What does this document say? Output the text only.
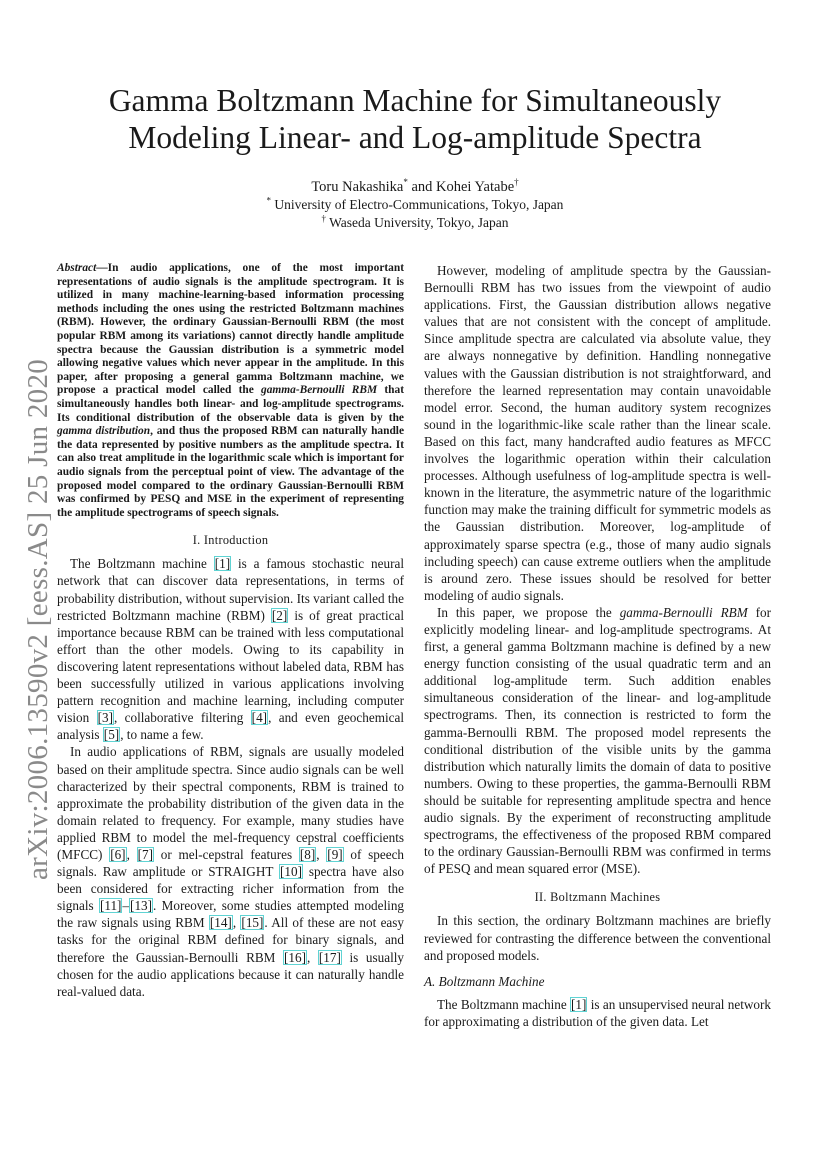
arXiv:2006.13590v2 [eess.AS] 25 Jun 2020
Gamma Boltzmann Machine for Simultaneously
Modeling Linear- and Log-amplitude Spectra
Toru Nakashika* and Kohei Yatabe†
* University of Electro-Communications, Tokyo, Japan
† Waseda University, Tokyo, Japan
Abstract—In audio applications, one of the most important representations of audio signals is the amplitude spectrogram. It is utilized in many machine-learning-based information processing methods including the ones using the restricted Boltzmann machines (RBM). However, the ordinary Gaussian-Bernoulli RBM (the most popular RBM among its variations) cannot directly handle amplitude spectra because the Gaussian distribution is a symmetric model allowing negative values which never appear in the amplitude. In this paper, after proposing a general gamma Boltzmann machine, we propose a practical model called the gamma-Bernoulli RBM that simultaneously handles both linear- and log-amplitude spectrograms. Its conditional distribution of the observable data is given by the gamma distribution, and thus the proposed RBM can naturally handle the data represented by positive numbers as the amplitude spectra. It can also treat amplitude in the logarithmic scale which is important for audio signals from the perceptual point of view. The advantage of the proposed model compared to the ordinary Gaussian-Bernoulli RBM was confirmed by PESQ and MSE in the experiment of representing the amplitude spectrograms of speech signals.
I. Introduction

The Boltzmann machine [1] is a famous stochastic neural network that can discover data representations, in terms of probability distribution, without supervision. Its variant called the restricted Boltzmann machine (RBM) [2] is of great practical importance because RBM can be trained with less computational effort than the other models. Owing to its capability in discovering latent representations without labeled data, RBM has been successfully utilized in various applications involving pattern recognition and machine learning, including computer vision [3], collaborative filtering [4], and even geochemical analysis [5], to name a few.

In audio applications of RBM, signals are usually modeled based on their amplitude spectra. Since audio signals can be well characterized by their spectral components, RBM is trained to approximate the probability distribution of the given data in the domain related to frequency. For example, many studies have applied RBM to model the mel-frequency cepstral coefficients (MFCC) [6], [7] or mel-cepstral features [8], [9] of speech signals. Raw amplitude or STRAIGHT [10] spectra have also been considered for extracting richer information from the signals [11]–[13]. Moreover, some studies attempted modeling the raw signals using RBM [14], [15]. All of these are not easy tasks for the original RBM defined for binary signals, and therefore the Gaussian-Bernoulli RBM [16], [17] is usually chosen for the audio applications because it can naturally handle real-valued data.

However, modeling of amplitude spectra by the Gaussian-Bernoulli RBM has two issues from the viewpoint of audio applications. First, the Gaussian distribution allows negative values that are not consistent with the concept of amplitude. Since amplitude spectra are calculated via absolute value, they are always nonnegative by definition. Handling nonnegative values with the Gaussian distribution is not straightforward, and therefore the learned representation may contain unavoidable model error. Second, the human auditory system recognizes sound in the logarithmic-like scale rather than the linear scale. Based on this fact, many handcrafted audio features as MFCC involves the logarithmic operation within their calculation processes. Although usefulness of log-amplitude spectra is well-known in the literature, the asymmetric nature of the logarithmic function may make the training difficult for symmetric models as the Gaussian distribution. Moreover, log-amplitude of approximately sparse spectra (e.g., those of many audio signals including speech) can cause extreme outliers when the amplitude is around zero. These issues should be resolved for better modeling of audio signals.

In this paper, we propose the gamma-Bernoulli RBM for explicitly modeling linear- and log-amplitude spectrograms. At first, a general gamma Boltzmann machine is defined by a new energy function consisting of the usual quadratic term and an additional log-amplitude term. Such addition enables simultaneous consideration of the linear- and log-amplitude spectrograms. Then, its connection is restricted to form the gamma-Bernoulli RBM. The proposed model represents the conditional distribution of the visible units by the gamma distribution which naturally limits the domain of data to positive numbers. Owing to these properties, the gamma-Bernoulli RBM should be suitable for representing amplitude spectra and hence audio signals. By the experiment of reconstructing amplitude spectrograms, the effectiveness of the proposed RBM compared to the ordinary Gaussian-Bernoulli RBM was confirmed in terms of PESQ and mean squared error (MSE).

II. Boltzmann Machines

In this section, the ordinary Boltzmann machines are briefly reviewed for contrasting the difference between the conventional and proposed models.

A. Boltzmann Machine

The Boltzmann machine [1] is an unsupervised neural network for approximating a distribution of the given data. Let
